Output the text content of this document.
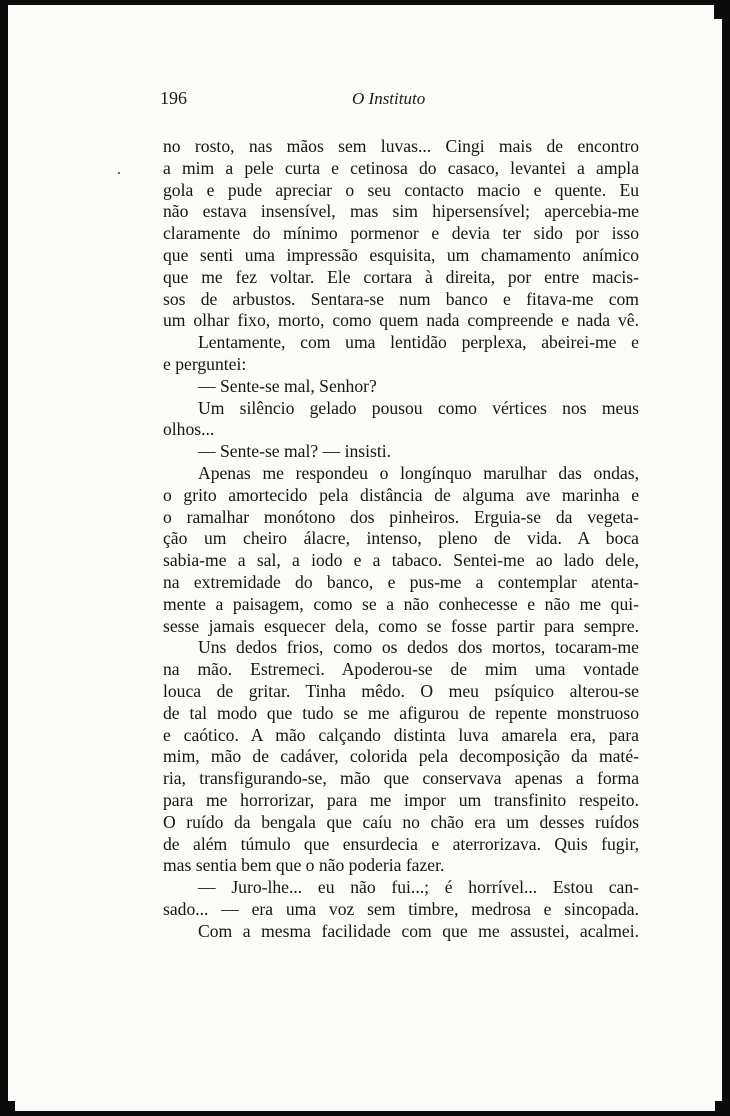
196	O Instituto
no rosto, nas mãos sem luvas... Cingi mais de encontro
a mim a pele curta e cetinosa do casaco, levantei a ampla
gola e pude apreciar o seu contacto macio e quente. Eu
não estava insensível, mas sim hipersensível; apercebia-me
claramente do mínimo pormenor e devia ter sido por isso
que senti uma impressão esquisita, um chamamento anímico
que me fez voltar. Ele cortara à direita, por entre macis-
sos de arbustos. Sentara-se num banco e fitava-me com
um olhar fixo, morto, como quem nada compreende e nada vê.
Lentamente, com uma lentidão perplexa, abeirei-me e
e perguntei:
— Sente-se mal, Senhor?
Um silêncio gelado pousou como vértices nos meus
olhos...
— Sente-se mal? — insisti.
Apenas me respondeu o longínquo marulhar das ondas,
o grito amortecido pela distância de alguma ave marinha e
o ramalhar monótono dos pinheiros. Erguia-se da vegeta-
ção um cheiro álacre, intenso, pleno de vida. A boca
sabia-me a sal, a iodo e a tabaco. Sentei-me ao lado dele,
na extremidade do banco, e pus-me a contemplar atenta-
mente a paisagem, como se a não conhecesse e não me qui-
sesse jamais esquecer dela, como se fosse partir para sempre.
Uns dedos frios, como os dedos dos mortos, tocaram-me
na mão. Estremeci. Apoderou-se de mim uma vontade
louca de gritar. Tinha mêdo. O meu psíquico alterou-se
de tal modo que tudo se me afigurou de repente monstruoso
e caótico. A mão calçando distinta luva amarela era, para
mim, mão de cadáver, colorida pela decomposição da maté-
ria, transfigurando-se, mão que conservava apenas a forma
para me horrorizar, para me impor um transfinito respeito.
O ruído da bengala que caíu no chão era um desses ruídos
de além túmulo que ensurdecia e aterrorizava. Quis fugir,
mas sentia bem que o não poderia fazer.
— Juro-lhe... eu não fui...; é horrível... Estou can-
sado... — era uma voz sem timbre, medrosa e sincopada.
Com a mesma facilidade com que me assustei, acalmei.
